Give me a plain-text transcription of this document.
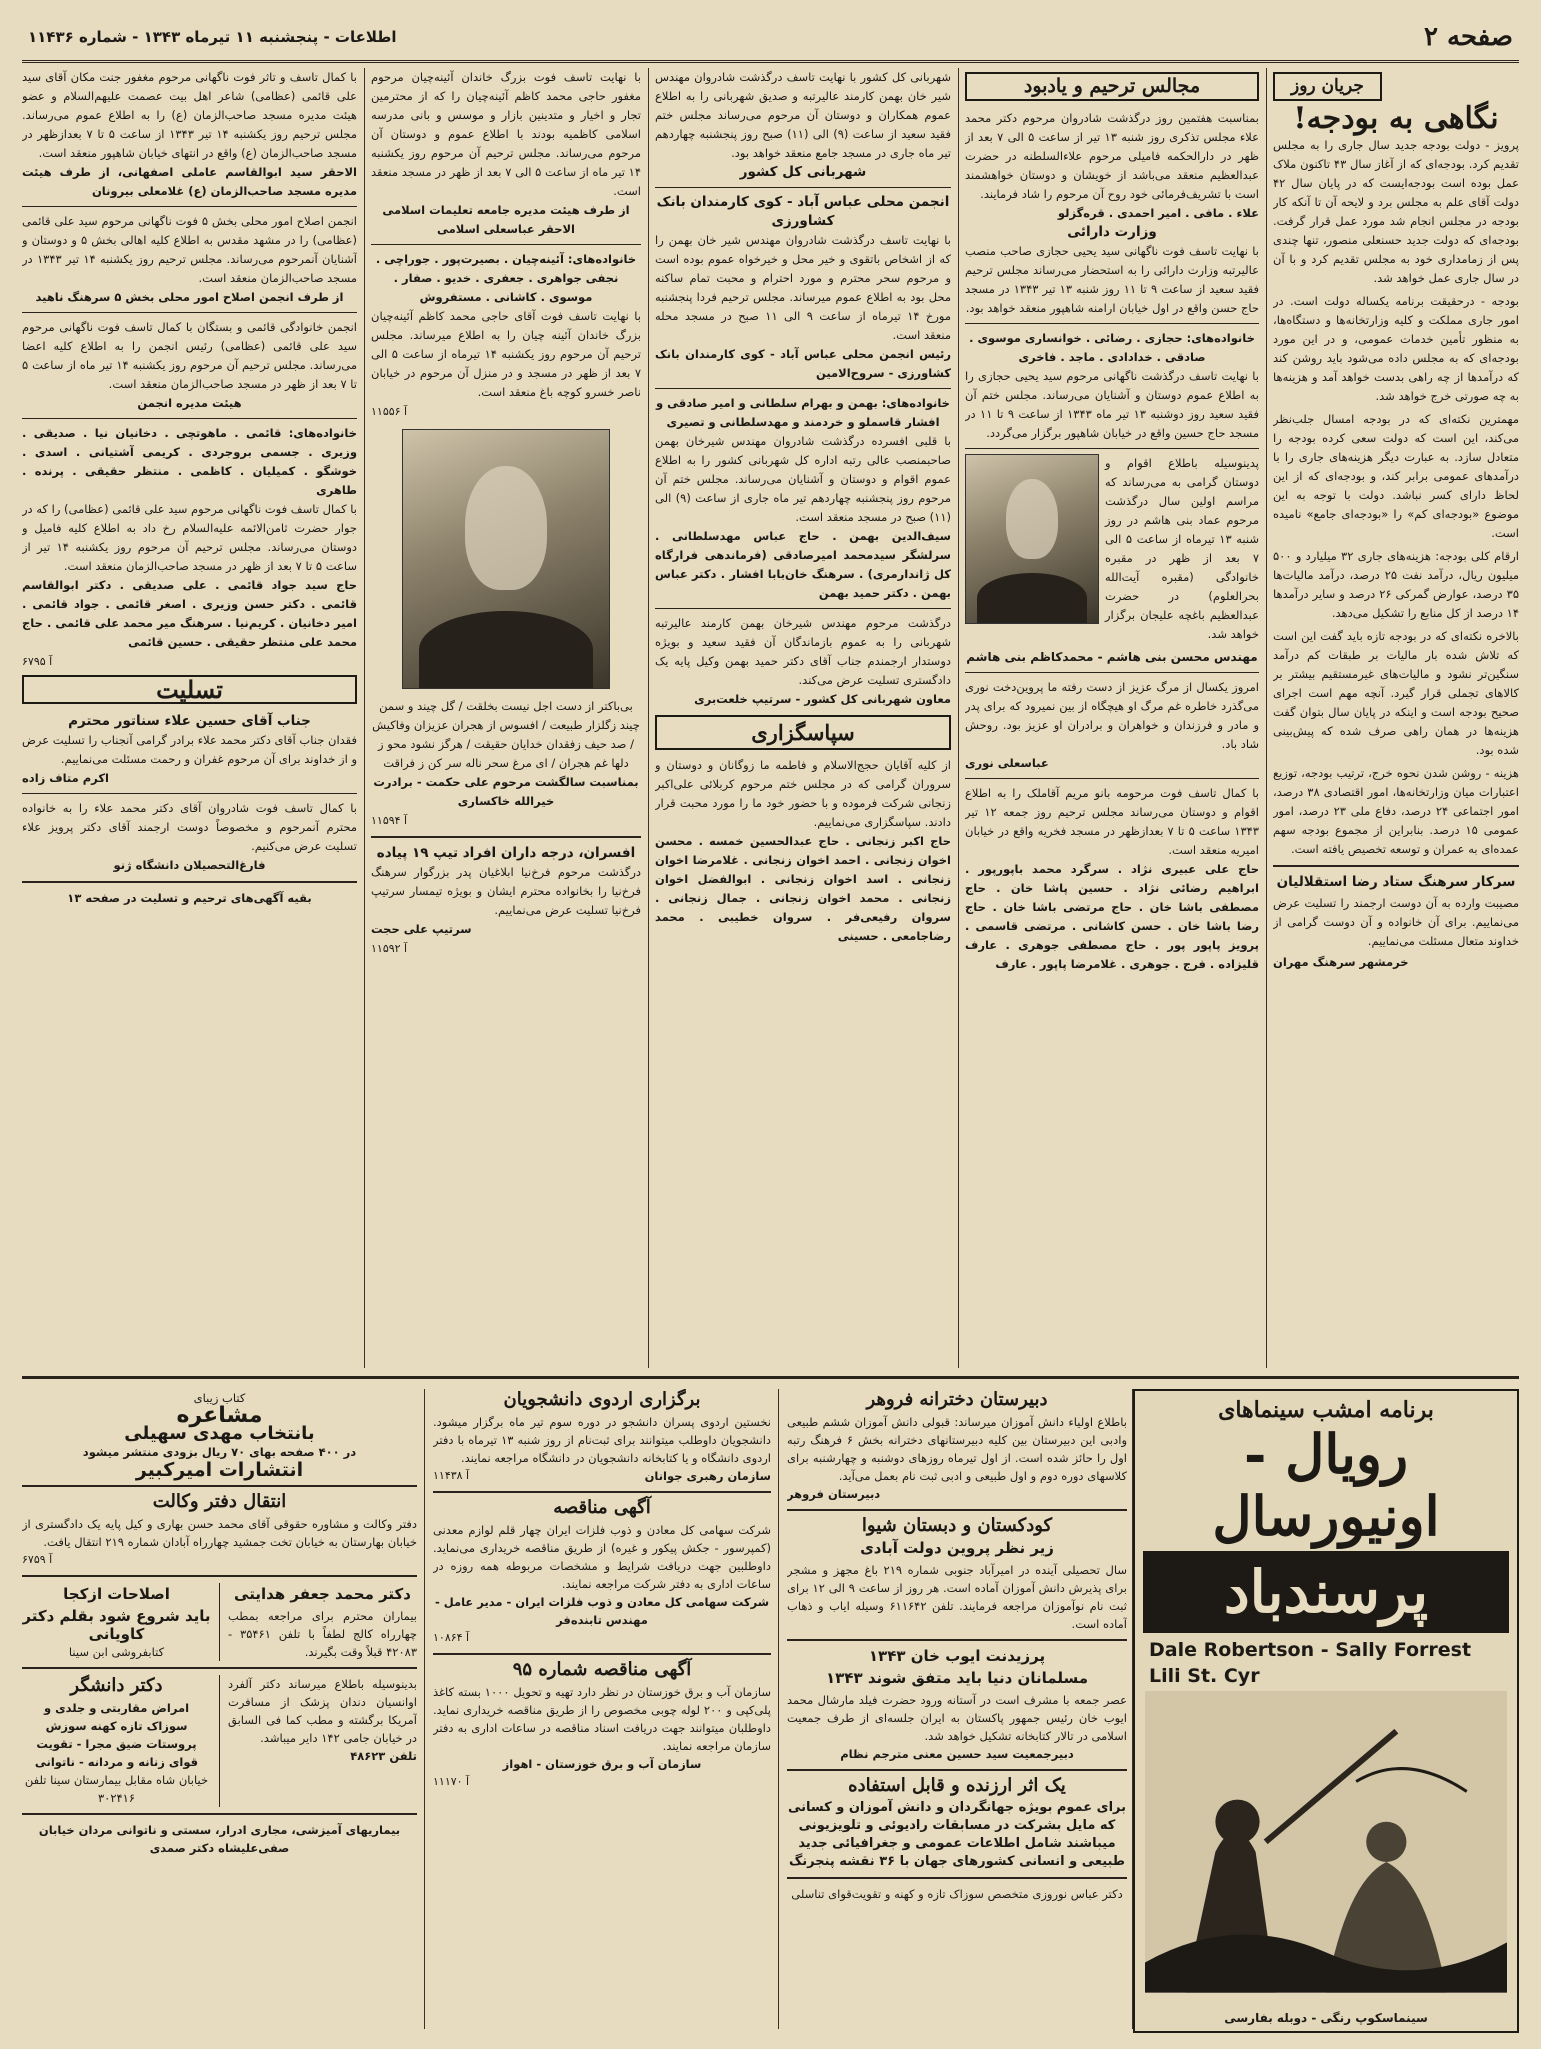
صفحه ۲
اطلاعات - پنجشنبه ۱۱ تیرماه ۱۳۴۳ - شماره ۱۱۴۳۶
جریان روز
نگاهی به بودجه!

پرویز - دولت بودجه جدید سال جاری را به مجلس تقدیم کرد. بودجه‌ای که از آغاز سال ۴۳ تاکنون ملاک عمل بوده است بودجه‌ایست که در پایان سال ۴۲ دولت آقای علم به مجلس برد و لایحه آن تا آنکه کار بودجه در مجلس انجام شد مورد عمل قرار گرفت. بودجه‌ای که دولت جدید حسنعلی منصور، تنها چندی پس از زمامداری خود به مجلس تقدیم کرد و با آن در سال جاری عمل خواهد شد.

بودجه - درحقیقت برنامه یکساله دولت است. در امور جاری مملکت و کلیه وزارتخانه‌ها و دستگاه‌ها، به منظور تأمین خدمات عمومی، و در این مورد بودجه‌ای که به مجلس داده می‌شود باید روشن کند که درآمدها از چه راهی بدست خواهد آمد و هزینه‌ها به چه صورتی خرج خواهد شد.

مهمترین نکته‌ای که در بودجه امسال جلب‌نظر می‌کند، این است که دولت سعی کرده بودجه را متعادل سازد. به عبارت دیگر هزینه‌های جاری را با درآمدهای عمومی برابر کند، و بودجه‌ای که از این لحاظ دارای کسر نباشد. دولت با توجه به این موضوع «بودجه‌ای کم» را «بودجه‌ای جامع» نامیده است.

ارقام کلی بودجه: هزینه‌های جاری ۳۲ میلیارد و ۵۰۰ میلیون ریال، درآمد نفت ۲۵ درصد، درآمد مالیات‌ها ۳۵ درصد، عوارض گمرکی ۲۶ درصد و سایر درآمدها ۱۴ درصد از کل منابع را تشکیل می‌دهد.

بالاخره نکته‌ای که در بودجه تازه باید گفت این است که تلاش شده بار مالیات بر طبقات کم درآمد سنگین‌تر نشود و مالیات‌های غیرمستقیم بیشتر بر کالاهای تجملی قرار گیرد. آنچه مهم است اجرای صحیح بودجه است و اینکه در پایان سال بتوان گفت هزینه‌ها در همان راهی صرف شده که پیش‌بینی شده بود.

هزینه - روشن شدن نحوه خرج، ترتیب بودجه، توزیع اعتبارات میان وزارتخانه‌ها، امور اقتصادی ۳۸ درصد، امور اجتماعی ۲۴ درصد، دفاع ملی ۲۳ درصد، امور عمومی ۱۵ درصد. بنابراین از مجموع بودجه سهم عمده‌ای به عمران و توسعه تخصیص یافته است.

سرکار سرهنگ ستاد رضا استقلالیان

مصیبت وارده به آن دوست ارجمند را تسلیت عرض می‌نماییم. برای آن خانواده و آن دوست گرامی از خداوند متعال مسئلت می‌نماییم.

خرمشهر سرهنگ مهران
مجالس ترحیم و یادبود

بمناسبت هفتمین روز درگذشت شادروان مرحوم دکتر محمد علاء مجلس تذکری روز شنبه ۱۳ تیر از ساعت ۵ الی ۷ بعد از ظهر در دارالحکمه فامیلی مرحوم علاءالسلطنه در حضرت عبدالعظیم منعقد می‌باشد از خویشان و دوستان خواهشمند است با تشریف‌فرمائی خود روح آن مرحوم را شاد فرمایند.

علاء . مافی . امیر احمدی . قره‌گزلو
وزارت دارائی

با نهایت تاسف فوت ناگهانی سید یحیی حجازی صاحب منصب عالیرتبه وزارت دارائی را به استحضار می‌رساند مجلس ترحیم فقید سعید از ساعت ۹ تا ۱۱ روز شنبه ۱۳ تیر ۱۳۴۳ در مسجد حاج حسن واقع در اول خیابان ارامنه شاهپور منعقد خواهد بود.

خانواده‌های: حجازی . رضائی . خوانساری موسوی . صادقی . خدادادی . ماجد . فاخری

با نهایت تاسف درگذشت ناگهانی مرحوم سید یحیی حجازی را به اطلاع عموم دوستان و آشنایان می‌رساند. مجلس ختم آن فقید سعید روز دوشنبه ۱۳ تیر ماه ۱۳۴۳ از ساعت ۹ تا ۱۱ در مسجد حاج حسین واقع در خیابان شاهپور برگزار می‌گردد.

پدینوسیله باطلاع اقوام و دوستان گرامی به می‌رساند که مراسم اولین سال درگذشت مرحوم عماد بنی هاشم در روز شنبه ۱۳ تیرماه از ساعت ۵ الی ۷ بعد از ظهر در مقبره خانوادگی (مقبره آیت‌الله بحرالعلوم) در حضرت عبدالعظیم باغچه علیجان برگزار خواهد شد.

مهندس محسن بنی هاشم - محمدکاظم بنی هاشم

امروز یکسال از مرگ عزیز از دست رفته ما پروین‌دخت نوری می‌گذرد خاطره غم مرگ او هیچگاه از بین نمیرود که برای پدر و مادر و فرزندان و خواهران و برادران او عزیز بود. روحش شاد باد.

عباسعلی نوری

با کمال تاسف فوت مرحومه بانو مریم آقاملک را به اطلاع اقوام و دوستان می‌رساند مجلس ترحیم روز جمعه ۱۲ تیر ۱۳۴۳ ساعت ۵ تا ۷ بعدازظهر در مسجد فخریه واقع در خیابان امیریه منعقد است.

حاج علی عبیری نژاد . سرگرد محمد باپورپور . ابراهیم رضائی نژاد . حسین پاشا خان . حاج مصطفی باشا خان . حاج مرتضی باشا خان . حاج رضا باشا خان . حسن کاشانی . مرتضی قاسمی . پرویز پاپور پور . حاج مصطفی جوهری . عارف قلیزاده . فرج . جوهری . غلامرضا پاپور . عارف

شهربانی کل کشور با نهایت تاسف درگذشت شادروان مهندس شیر خان بهمن کارمند عالیرتبه و صدیق شهربانی را به اطلاع عموم همکاران و دوستان آن مرحوم می‌رساند مجلس ختم فقید سعید از ساعت (۹) الی (۱۱) صبح روز پنجشنبه چهاردهم تیر ماه جاری در مسجد جامع منعقد خواهد بود.

شهربانی کل کشور
انجمن محلی عباس آباد - کوی کارمندان بانک کشاورزی

با نهایت تاسف درگذشت شادروان مهندس شیر خان بهمن را که از اشخاص باتقوی و خیر محل و خیرخواه عموم بوده است و مرحوم سحر محترم و مورد احترام و محبت تمام ساکنه محل بود به اطلاع عموم میرساند. مجلس ترحیم فردا پنجشنبه مورخ ۱۴ تیرماه از ساعت ۹ الی ۱۱ صبح در مسجد محله منعقد است.

رئیس انجمن محلی عباس آباد - کوی کارمندان بانک کشاورزی - سروح‌الامین
خانواده‌های: بهمن و بهرام سلطانی و امیر صادقی و افشار قاسملو و خردمند و مهدسلطانی و تصیری

با قلبی افسرده درگذشت شادروان مهندس شیرخان بهمن صاحبمنصب عالی رتبه اداره کل شهربانی کشور را به اطلاع عموم اقوام و دوستان و آشنایان می‌رساند. مجلس ختم آن مرحوم روز پنجشنبه چهاردهم تیر ماه جاری از ساعت (۹) الی (۱۱) صبح در مسجد منعقد است.

سیف‌الدین بهمن . حاج عباس مهدسلطانی . سرلشگر سیدمحمد امیرصادقی (فرماندهی فرارگاه کل ژاندارمری) . سرهنگ خان‌بابا افشار . دکتر عباس بهمن . دکتر حمید بهمن

درگذشت مرحوم مهندس شیرخان بهمن کارمند عالیرتبه شهربانی را به عموم بازماندگان آن فقید سعید و بویژه دوستدار ارجمندم جناب آقای دکتر حمید بهمن وکیل پایه یک دادگستری تسلیت عرض می‌کند.

معاون شهربانی کل کشور - سرتیپ خلعت‌بری
سپاسگزاری

از کلیه آقایان حجج‌الاسلام و فاطمه ما زوگانان و دوستان و سروران گرامی که در مجلس ختم مرحوم کربلائی علی‌اکبر زنجانی شرکت فرموده و با حضور خود ما را مورد محبت قرار دادند. سپاسگزاری می‌نماییم.

حاج اکبر زنجانی . حاج عبدالحسین خمسه . محسن اخوان زنجانی . احمد اخوان زنجانی . غلامرضا اخوان زنجانی . اسد اخوان زنجانی . ابوالفضل اخوان زنجانی . محمد اخوان زنجانی . جمال زنجانی . سروان رفیعی‌فر . سروان خطیبی . محمد رضاجامعی . حسینی

با نهایت تاسف فوت بزرگ خاندان آئینه‌چیان مرحوم مغفور حاجی محمد کاظم آئینه‌چیان را که از محترمین تجار و اخیار و متدینین بازار و موسس و بانی مدرسه اسلامی کاظمیه بودند با اطلاع عموم و دوستان آن مرحوم می‌رساند. مجلس ترحیم آن مرحوم روز یکشنبه ۱۴ تیر ماه از ساعت ۵ الی ۷ بعد از ظهر در مسجد منعقد است.

از طرف هیئت مدیره جامعه تعلیمات اسلامی الاحقر عباسعلی اسلامی
خانواده‌های: آئینه‌چیان . بصیرت‌پور . جوراچی . نجفی جواهری . جعفری . خدیو . صفار . موسوی . کاشانی . مستفروش

با نهایت تاسف فوت آقای حاجی محمد کاظم آئینه‌چیان بزرگ خاندان آئینه چیان را به اطلاع میرساند. مجلس ترحیم آن مرحوم روز یکشنبه ۱۴ تیرماه از ساعت ۵ الی ۷ بعد از ظهر در مسجد و در منزل آن مرحوم در خیابان ناصر خسرو کوچه باغ منعقد است.

۱۱۵۵۶ آ

بی‌باکتر از دست اجل نیست بخلقت / گل چیند و سمن چیند زگلزار طبیعت / افسوس از هجران عزیزان وفاکیش / صد حیف زفقدان خدایان حقیقت / هرگز نشود محو ز دلها غم هجران / ای مرغ سحر ناله سر کن ز فراقت

بمناسبت سالگشت مرحوم علی حکمت - برادرت خیرالله خاکساری
۱۱۵۹۴ آ
افسران، درجه داران افراد تیپ ۱۹ پیاده

درگذشت مرحوم فرخ‌نیا ابلاغیان پدر بزرگوار سرهنگ فرخ‌نیا را بخانواده محترم ایشان و بویژه تیمسار سرتیپ فرخ‌نیا تسلیت عرض می‌نماییم.

سرتیپ علی حجت
۱۱۵۹۲ آ

با کمال تاسف و تاثر فوت ناگهانی مرحوم مغفور جنت مکان آقای سید علی قائمی (عظامی) شاعر اهل بیت عصمت علیهم‌السلام و عضو هیئت مدیره مسجد صاحب‌الزمان (ع) را به اطلاع عموم می‌رساند. مجلس ترحیم روز یکشنبه ۱۴ تیر ۱۳۴۳ از ساعت ۵ تا ۷ بعدازظهر در مسجد صاحب‌الزمان (ع) واقع در انتهای خیابان شاهپور منعقد است.

الاحقر سید ابوالقاسم عاملی اصفهانی، از طرف هیئت مدیره مسجد صاحب‌الزمان (ع) غلامعلی بیرونان

انجمن اصلاح امور محلی بخش ۵ فوت ناگهانی مرحوم سید علی قائمی (عظامی) را در مشهد مقدس به اطلاع کلیه اهالی بخش ۵ و دوستان و آشنایان آنمرحوم می‌رساند. مجلس ترحیم روز یکشنبه ۱۴ تیر ۱۳۴۳ در مسجد صاحب‌الزمان منعقد است.

از طرف انجمن اصلاح امور محلی بخش ۵ سرهنگ ناهید

انجمن خانوادگی قائمی و بستگان با کمال تاسف فوت ناگهانی مرحوم سید علی قائمی (عظامی) رئیس انجمن را به اطلاع کلیه اعضا می‌رساند. مجلس ترحیم آن مرحوم روز یکشنبه ۱۴ تیر ماه از ساعت ۵ تا ۷ بعد از ظهر در مسجد صاحب‌الزمان منعقد است.

هیئت مدیره انجمن
خانواده‌های: قائمی . ماهوتچی . دخانیان نیا . صدیقی . وزیری . جسمی بروجردی . کریمی آشتیانی . اسدی . خوشگو . کمیلیان . کاظمی . منتظر حقیقی . پرنده . طاهری

با کمال تاسف فوت ناگهانی مرحوم سید علی قائمی (عظامی) را که در جوار حضرت ثامن‌الائمه علیه‌السلام رخ داد به اطلاع کلیه فامیل و دوستان می‌رساند. مجلس ترحیم آن مرحوم روز یکشنبه ۱۴ تیر از ساعت ۵ تا ۷ بعد از ظهر در مسجد صاحب‌الزمان منعقد است.

حاج سید جواد قائمی . علی صدیقی . دکتر ابوالقاسم قائمی . دکتر حسن وزیری . اصغر قائمی . جواد قائمی . امیر دخانیان . کریم‌نیا . سرهنگ میر محمد علی قائمی . حاج محمد علی منتظر حقیقی . حسین قائمی
۶۷۹۵ آ
تسلیت
جناب آقای حسین علاء سناتور محترم

فقدان جناب آقای دکتر محمد علاء برادر گرامی آنجناب را تسلیت عرض و از خداوند برای آن مرحوم غفران و رحمت مسئلت می‌نماییم.

اکرم متاف زاده

با کمال تاسف فوت شادروان آقای دکتر محمد علاء را به خانواده محترم آنمرحوم و مخصوصاً دوست ارجمند آقای دکتر پرویز علاء تسلیت عرض می‌کنیم.

فارغ‌التحصیلان دانشگاه ژنو
بقیه آگهی‌های ترحیم و تسلیت در صفحه ۱۳
برنامه امشب سینماهای
رویال - اونیورسال
پرسندباد
Dale Robertson - Sally Forrest
Lili St. Cyr
سینماسکوپ رنگی - دوبله بفارسی
دبیرستان دخترانه فروهر

باطلاع اولیاء دانش آموزان میرساند: قبولی دانش آموزان ششم طبیعی وادبی این دبیرستان بین کلیه دبیرستانهای دخترانه بخش ۶ فرهنگ رتبه اول را حائز شده است. از اول تیرماه روزهای دوشنبه و چهارشنبه برای کلاسهای دوره دوم و اول طبیعی و ادبی ثبت نام بعمل می‌آید.

دبیرستان فروهر
کودکستان و دبستان شیوا
زیر نظر پروین دولت آبادی

سال تحصیلی آینده در امیرآباد جنوبی شماره ۲۱۹ باغ مجهز و مشجر برای پذیرش دانش آموزان آماده است. هر روز از ساعت ۹ الی ۱۲ برای ثبت نام نوآموزان مراجعه فرمایند. تلفن ۶۱۱۶۴۲ وسیله ایاب و ذهاب آماده است.

پرزیدنت ایوب خان ۱۳۴۳
مسلمانان دنیا باید متفق شوند ۱۳۴۳

عصر جمعه با مشرف است در آستانه ورود حضرت فیلد مارشال محمد ایوب خان رئیس جمهور پاکستان به ایران جلسه‌ای از طرف جمعیت اسلامی در تالار کتابخانه تشکیل خواهد شد.

دبیرجمعیت سید حسین معنی مترجم نظام
یک اثر ارزنده و قابل استفاده

برای عموم بویژه جهانگردان و دانش آموزان و کسانی که مایل بشرکت در مسابقات رادیوئی و تلویزیونی میباشند شامل اطلاعات عمومی و جغرافیائی جدید طبیعی و انسانی کشورهای جهان با ۳۶ نقشه پنجرنگ

دکتر عباس نوروزی متخصص سوزاک تازه و کهنه و تقویت‌قوای تناسلی
برگزاری اردوی دانشجویان

نخستین اردوی پسران دانشجو در دوره سوم تیر ماه برگزار میشود. دانشجویان داوطلب میتوانند برای ثبت‌نام از روز شنبه ۱۳ تیرماه با دفتر اردوی دانشگاه و یا کتابخانه دانشجویان در دانشگاه مراجعه نمایند.

سازمان رهبری جوانان
۱۱۴۳۸ آ
آگهی مناقصه

شرکت سهامی کل معادن و ذوب فلزات ایران چهار قلم لوازم معدنی (کمپرسور - جکش پیکور و غیره) از طریق مناقصه خریداری می‌نماید. داوطلبین جهت دریافت شرایط و مشخصات مربوطه همه روزه در ساعات اداری به دفتر شرکت مراجعه نمایند.

شرکت سهامی کل معادن و ذوب فلزات ایران - مدیر عامل - مهندس تابنده‌فر
۱۰۸۶۴ آ
آگهی مناقصه شماره ۹۵

سازمان آب و برق خوزستان در نظر دارد تهیه و تحویل ۱۰۰۰ بسته کاغذ پلی‌کپی و ۲۰۰ لوله چوبی مخصوص را از طریق مناقصه خریداری نماید. داوطلبان میتوانند جهت دریافت اسناد مناقصه در ساعات اداری به دفتر سازمان مراجعه نمایند.

سازمان آب و برق خوزستان - اهواز
۱۱۱۷۰ آ
کتاب زیبای
مشاعره
بانتخاب مهدی سهیلی
در ۴۰۰ صفحه بهای ۷۰ ریال بزودی منتشر میشود
انتشارات امیرکبیر
انتقال دفتر وکالت

دفتر وکالت و مشاوره حقوقی آقای محمد حسن بهاری و کیل پایه یک دادگستری از خیابان بهارستان به خیابان تخت جمشید چهارراه آبادان شماره ۲۱۹ انتقال یافت.

۶۷۵۹ آ
دکتر محمد جعفر هدایتی

بیماران محترم برای مراجعه بمطب چهارراه کالج لطفاً با تلفن ۳۵۴۶۱ - ۴۲۰۸۳ قبلاً وقت بگیرند.

اصلاحات ازکجا
باید شروع شود بقلم دکتر کاویانی
کتابفروشی ابن سینا

بدینوسیله باطلاع میرساند دکتر آلفرد اوانسیان دندان پزشک از مسافرت آمریکا برگشته و مطب کما فی السابق در خیابان جامی ۱۴۲ دایر میباشد.

تلفن ۴۸۶۲۳
دکتر دانشگر
امراض مقاربتی و جلدی و سوزاک تازه کهنه سوزش پروستات ضیق مجرا - تقویت قوای زنانه و مردانه - ناتوانی
خیابان شاه مقابل بیمارستان سینا تلفن ۳۰۲۴۱۶
بیماریهای آمیزشی، مجاری ادرار، سستی و ناتوانی مردان خیابان صفی‌علیشاه دکتر صمدی
